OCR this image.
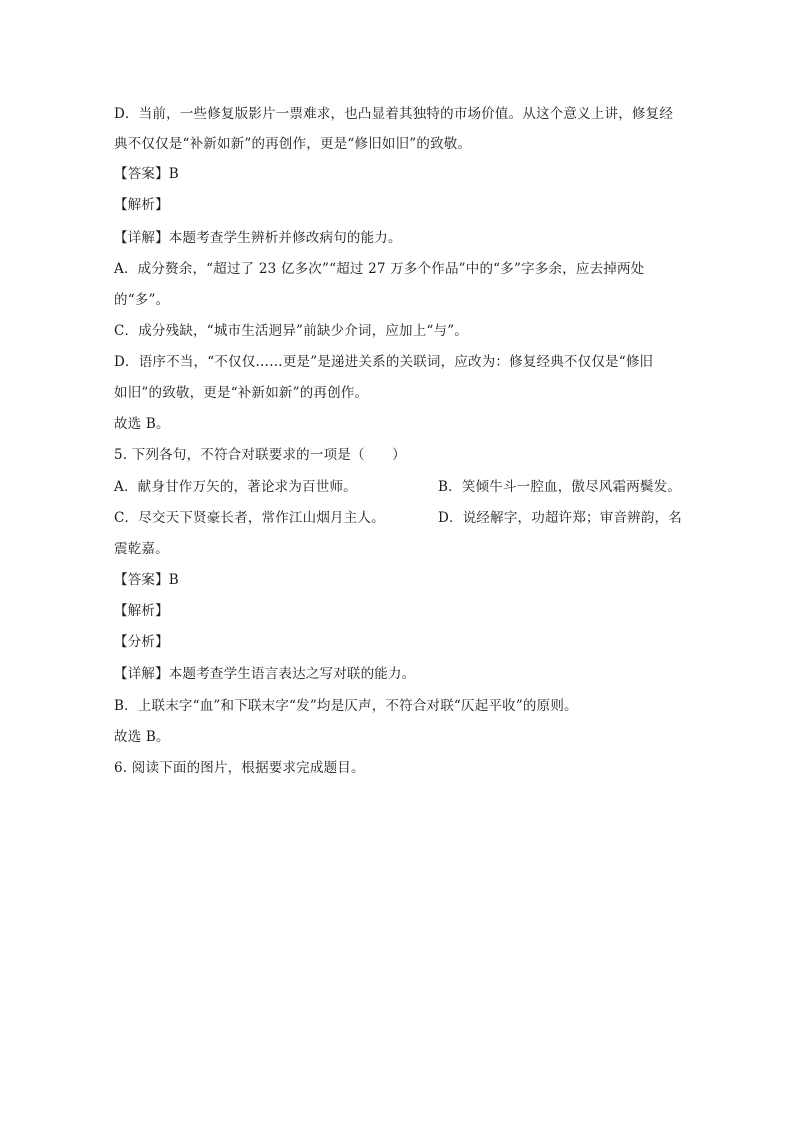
D．当前，一些修复版影片一票难求，也凸显着其独特的市场价值。从这个意义上讲，修复经
典不仅仅是“补新如新”的再创作，更是“修旧如旧”的致敬。
【答案】B
【解析】
【详解】本题考查学生辨析并修改病句的能力。
A．成分赘余，“超过了 23 亿多次”“超过 27 万多个作品”中的“多”字多余，应去掉两处
的“多”。
C．成分残缺，“城市生活迥异”前缺少介词，应加上“与”。
D．语序不当，“不仅仅……更是”是递进关系的关联词，应改为：修复经典不仅仅是“修旧
如旧”的致敬，更是“补新如新”的再创作。
故选 B。
5. 下列各句，不符合对联要求的一项是（　　）
A．献身甘作万矢的，著论求为百世师。	B．笑倾牛斗一腔血，傲尽风霜两鬓发。
C．尽交天下贤豪长者，常作江山烟月主人。	D．说经解字，功超许郑；审音辨韵，名
震乾嘉。
【答案】B
【解析】
【分析】
【详解】本题考查学生语言表达之写对联的能力。
B．上联末字“血”和下联末字“发”均是仄声，不符合对联“仄起平收”的原则。
故选 B。
6. 阅读下面的图片，根据要求完成题目。
